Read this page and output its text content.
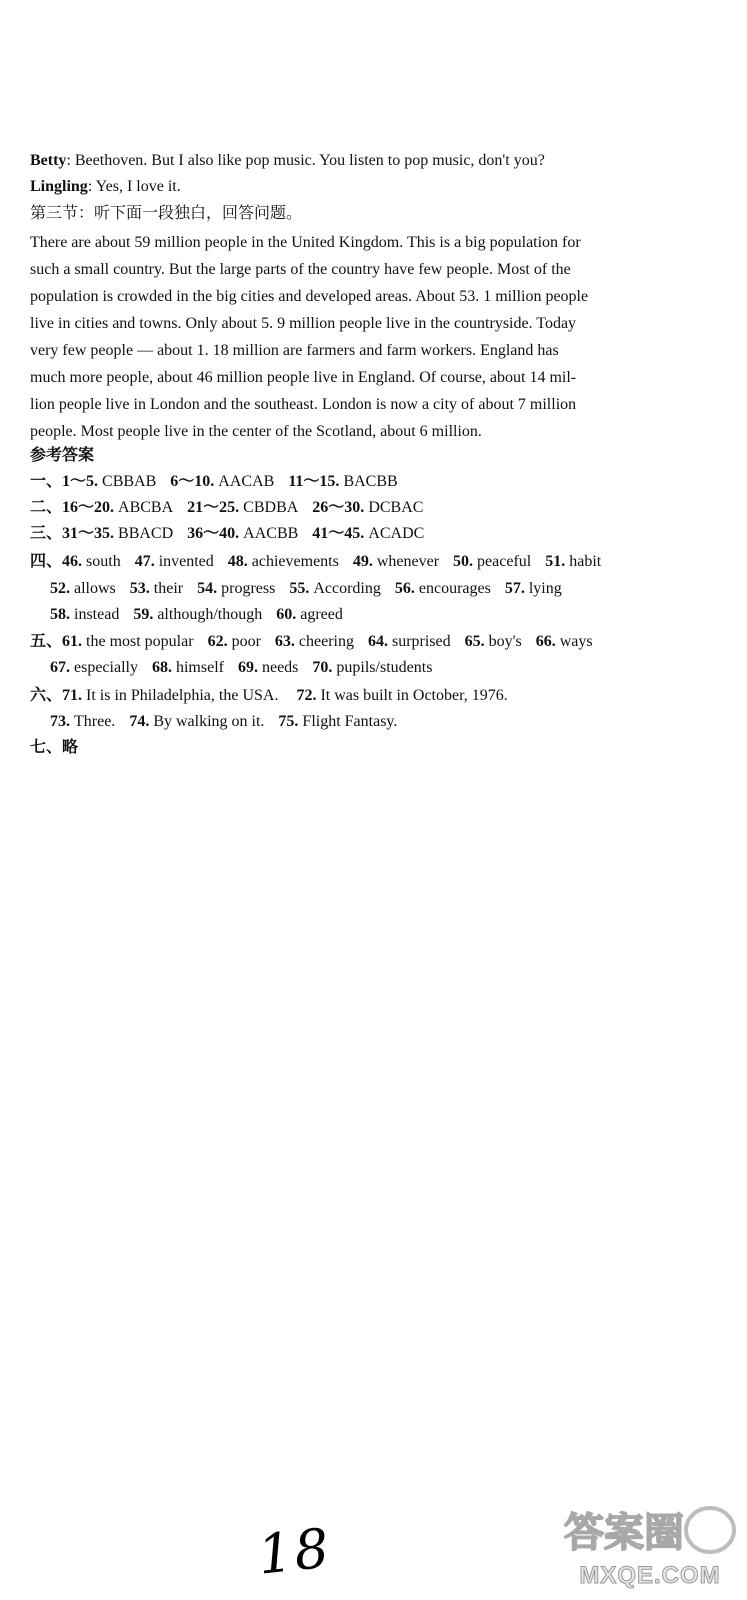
Betty: Beethoven. But I also like pop music. You listen to pop music, don't you?
Lingling: Yes, I love it.
第三节：听下面一段独白，回答问题。
There are about 59 million people in the United Kingdom. This is a big population for
such a small country. But the large parts of the country have few people. Most of the
population is crowded in the big cities and developed areas. About 53. 1 million people
live in cities and towns. Only about 5. 9 million people live in the countryside. Today
very few people — about 1. 18 million are farmers and farm workers. England has
much more people, about 46 million people live in England. Of course, about 14 mil-
lion people live in London and the southeast. London is now a city of about 7 million
people. Most people live in the center of the Scotland, about 6 million.
参考答案
一、1～5. CBBAB 6～10. AACAB 11～15. BACBB
二、16～20. ABCBA 21～25. CBDBA 26～30. DCBAC
三、31～35. BBACD 36～40. AACBB 41～45. ACADC
四、46. south 47. invented 48. achievements 49. whenever 50. peaceful 51. habit
52. allows 53. their 54. progress 55. According 56. encourages 57. lying
58. instead 59. although/though 60. agreed
五、61. the most popular 62. poor 63. cheering 64. surprised 65. boy's 66. ways
67. especially 68. himself 69. needs 70. pupils/students
六、71. It is in Philadelphia, the USA. 72. It was built in October, 1976.
73. Three. 74. By walking on it. 75. Flight Fantasy.
七、略
18	答案圈
MXQE.COM
